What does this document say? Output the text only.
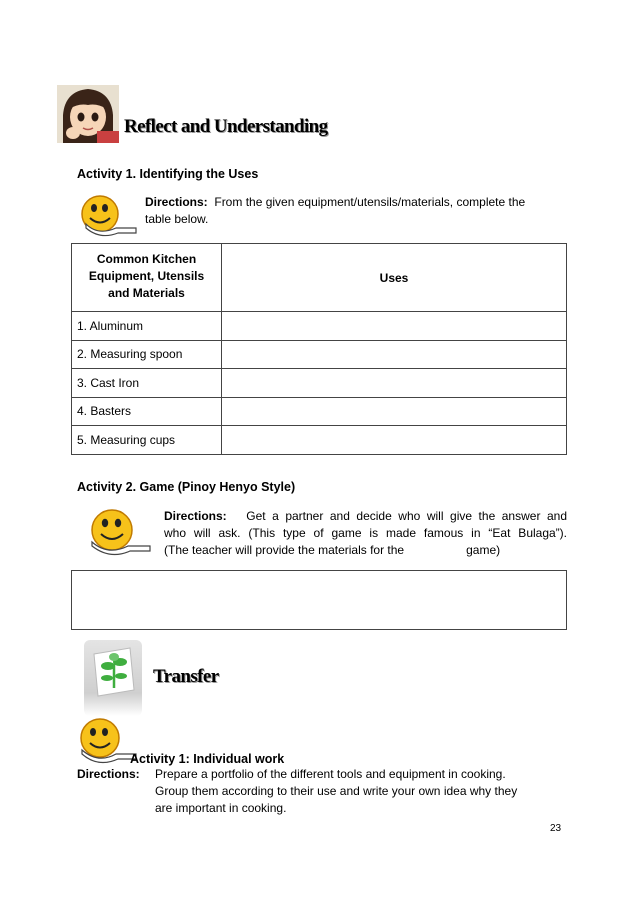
Reflect and Understanding
Activity 1. Identifying the Uses
Directions: From the given equipment/utensils/materials, complete the
table below.
Common Kitchen
Equipment, Utensils
and Materials	Uses
1. Aluminum	
2. Measuring spoon	
3. Cast Iron	
4. Basters	
5. Measuring cups	
Activity 2. Game (Pinoy Henyo Style)
Directions: Get a partner and decide who will give the answer and
who will ask. (This type of game is made famous in “Eat Bulaga”).
(The teacher will provide the materials for the	game)
Transfer
Activity 1: Individual work
Directions:	Prepare a portfolio of the different tools and equipment in cooking.
Group them according to their use and write your own idea why they
are important in cooking.
23
